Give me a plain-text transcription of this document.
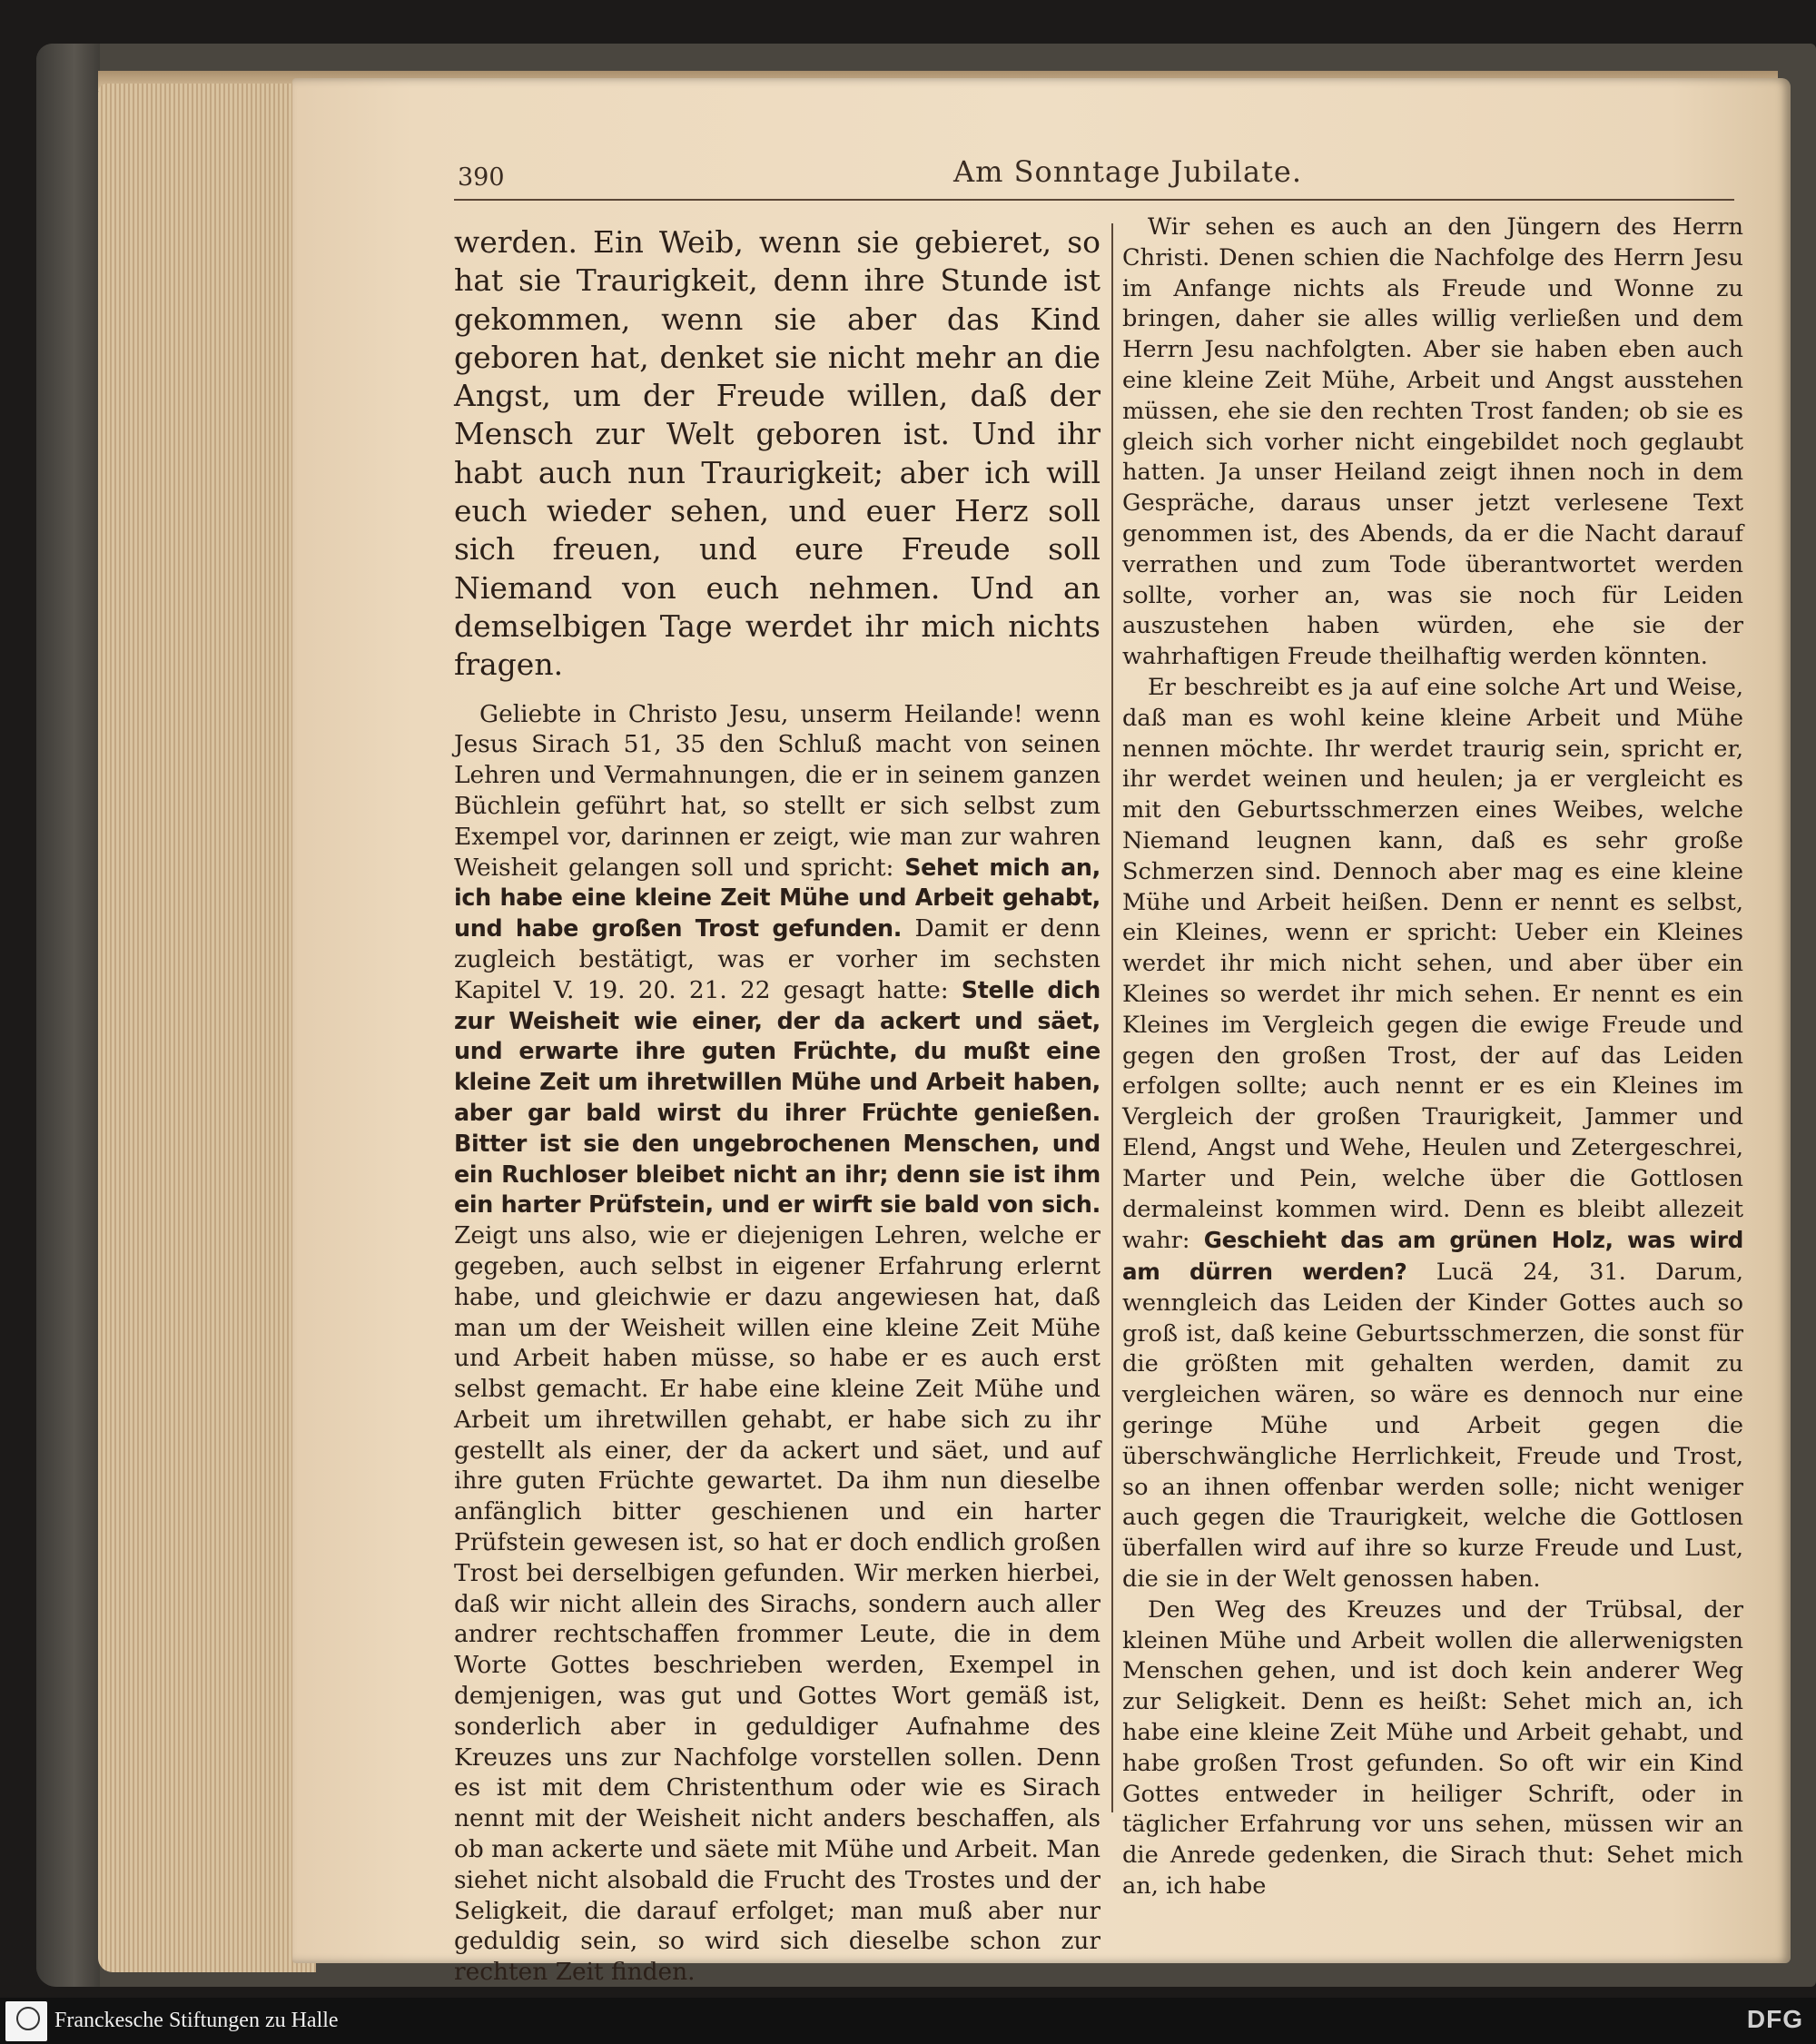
390	Am Sonntage Jubilate.

werden. Ein Weib, wenn sie gebieret, so hat sie Traurigkeit, denn ihre Stunde ist gekommen, wenn sie aber das Kind geboren hat, denket sie nicht mehr an die Angst, um der Freude willen, daß der Mensch zur Welt geboren ist. Und ihr habt auch nun Traurigkeit; aber ich will euch wieder sehen, und euer Herz soll sich freuen, und eure Freude soll Niemand von euch nehmen. Und an demselbigen Tage werdet ihr mich nichts fragen.

Geliebte in Christo Jesu, unserm Heilande! wenn Jesus Sirach 51, 35 den Schluß macht von seinen Lehren und Vermahnungen, die er in seinem ganzen Büchlein geführt hat, so stellt er sich selbst zum Exempel vor, darinnen er zeigt, wie man zur wahren Weisheit gelangen soll und spricht: Sehet mich an, ich habe eine kleine Zeit Mühe und Arbeit gehabt, und habe großen Trost gefunden. Damit er denn zugleich bestätigt, was er vorher im sechsten Kapitel V. 19. 20. 21. 22 gesagt hatte: Stelle dich zur Weisheit wie einer, der da ackert und säet, und erwarte ihre guten Früchte, du mußt eine kleine Zeit um ihretwillen Mühe und Arbeit haben, aber gar bald wirst du ihrer Früchte genießen. Bitter ist sie den ungebrochenen Menschen, und ein Ruchloser bleibet nicht an ihr; denn sie ist ihm ein harter Prüfstein, und er wirft sie bald von sich. Zeigt uns also, wie er diejenigen Lehren, welche er gegeben, auch selbst in eigener Erfahrung erlernt habe, und gleichwie er dazu angewiesen hat, daß man um der Weisheit willen eine kleine Zeit Mühe und Arbeit haben müsse, so habe er es auch erst selbst gemacht. Er habe eine kleine Zeit Mühe und Arbeit um ihretwillen gehabt, er habe sich zu ihr gestellt als einer, der da ackert und säet, und auf ihre guten Früchte gewartet. Da ihm nun dieselbe anfänglich bitter geschienen und ein harter Prüfstein gewesen ist, so hat er doch endlich großen Trost bei derselbigen gefunden. Wir merken hierbei, daß wir nicht allein des Sirachs, sondern auch aller andrer rechtschaffen frommer Leute, die in dem Worte Gottes beschrieben werden, Exempel in demjenigen, was gut und Gottes Wort gemäß ist, sonderlich aber in geduldiger Aufnahme des Kreuzes uns zur Nachfolge vorstellen sollen. Denn es ist mit dem Christenthum oder wie es Sirach nennt mit der Weisheit nicht anders beschaffen, als ob man ackerte und säete mit Mühe und Arbeit. Man siehet nicht alsobald die Frucht des Trostes und der Seligkeit, die darauf erfolget; man muß aber nur geduldig sein, so wird sich dieselbe schon zur rechten Zeit finden.

Wir sehen es auch an den Jüngern des Herrn Christi. Denen schien die Nachfolge des Herrn Jesu im Anfange nichts als Freude und Wonne zu bringen, daher sie alles willig verließen und dem Herrn Jesu nachfolgten. Aber sie haben eben auch eine kleine Zeit Mühe, Arbeit und Angst ausstehen müssen, ehe sie den rechten Trost fanden; ob sie es gleich sich vorher nicht eingebildet noch geglaubt hatten. Ja unser Heiland zeigt ihnen noch in dem Gespräche, daraus unser jetzt verlesene Text genommen ist, des Abends, da er die Nacht darauf verrathen und zum Tode überantwortet werden sollte, vorher an, was sie noch für Leiden auszustehen haben würden, ehe sie der wahrhaftigen Freude theilhaftig werden könnten.

Er beschreibt es ja auf eine solche Art und Weise, daß man es wohl keine kleine Arbeit und Mühe nennen möchte. Ihr werdet traurig sein, spricht er, ihr werdet weinen und heulen; ja er vergleicht es mit den Geburtsschmerzen eines Weibes, welche Niemand leugnen kann, daß es sehr große Schmerzen sind. Dennoch aber mag es eine kleine Mühe und Arbeit heißen. Denn er nennt es selbst, ein Kleines, wenn er spricht: Ueber ein Kleines werdet ihr mich nicht sehen, und aber über ein Kleines so werdet ihr mich sehen. Er nennt es ein Kleines im Vergleich gegen die ewige Freude und gegen den großen Trost, der auf das Leiden erfolgen sollte; auch nennt er es ein Kleines im Vergleich der großen Traurigkeit, Jammer und Elend, Angst und Wehe, Heulen und Zetergeschrei, Marter und Pein, welche über die Gottlosen dermaleinst kommen wird. Denn es bleibt allezeit wahr: Geschieht das am grünen Holz, was wird am dürren werden? Lucä 24, 31. Darum, wenngleich das Leiden der Kinder Gottes auch so groß ist, daß keine Geburtsschmerzen, die sonst für die größten mit gehalten werden, damit zu vergleichen wären, so wäre es dennoch nur eine geringe Mühe und Arbeit gegen die überschwängliche Herrlichkeit, Freude und Trost, so an ihnen offenbar werden solle; nicht weniger auch gegen die Traurigkeit, welche die Gottlosen überfallen wird auf ihre so kurze Freude und Lust, die sie in der Welt genossen haben.

Den Weg des Kreuzes und der Trübsal, der kleinen Mühe und Arbeit wollen die allerwenigsten Menschen gehen, und ist doch kein anderer Weg zur Seligkeit. Denn es heißt: Sehet mich an, ich habe eine kleine Zeit Mühe und Arbeit gehabt, und habe großen Trost gefunden. So oft wir ein Kind Gottes entweder in heiliger Schrift, oder in täglicher Erfahrung vor uns sehen, müssen wir an die Anrede gedenken, die Sirach thut: Sehet mich an, ich habe

Franckesche Stiftungen zu Halle	DFG
